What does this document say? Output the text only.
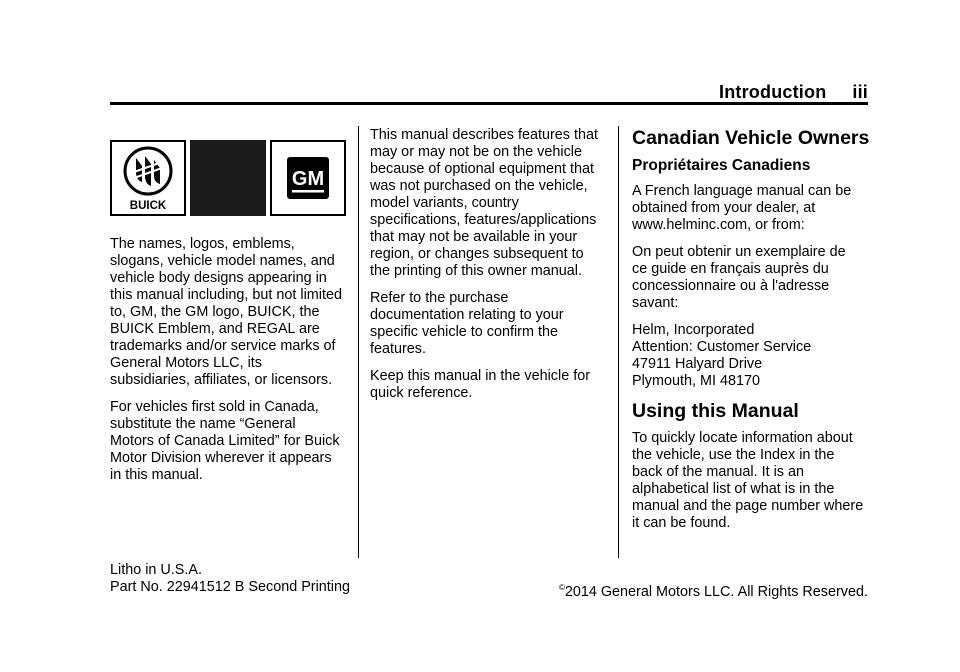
Introduction     iii
BUICK
GM

The names, logos, emblems,
slogans, vehicle model names, and
vehicle body designs appearing in
this manual including, but not limited
to, GM, the GM logo, BUICK, the
BUICK Emblem, and REGAL are
trademarks and/or service marks of
General Motors LLC, its
subsidiaries, affiliates, or licensors.

For vehicles first sold in Canada,
substitute the name “General
Motors of Canada Limited” for Buick
Motor Division wherever it appears
in this manual.

This manual describes features that
may or may not be on the vehicle
because of optional equipment that
was not purchased on the vehicle,
model variants, country
specifications, features/applications
that may not be available in your
region, or changes subsequent to
the printing of this owner manual.

Refer to the purchase
documentation relating to your
specific vehicle to confirm the
features.

Keep this manual in the vehicle for
quick reference.

Canadian Vehicle Owners
Propriétaires Canadiens

A French language manual can be
obtained from your dealer, at
www.helminc.com, or from:

On peut obtenir un exemplaire de
ce guide en français auprès du
concessionnaire ou à l'adresse
savant:

Helm, Incorporated
Attention: Customer Service
47911 Halyard Drive
Plymouth, MI 48170

Using this Manual

To quickly locate information about
the vehicle, use the Index in the
back of the manual. It is an
alphabetical list of what is in the
manual and the page number where
it can be found.

Litho in U.S.A.
Part No. 22941512 B Second Printing	©2014 General Motors LLC. All Rights Reserved.
